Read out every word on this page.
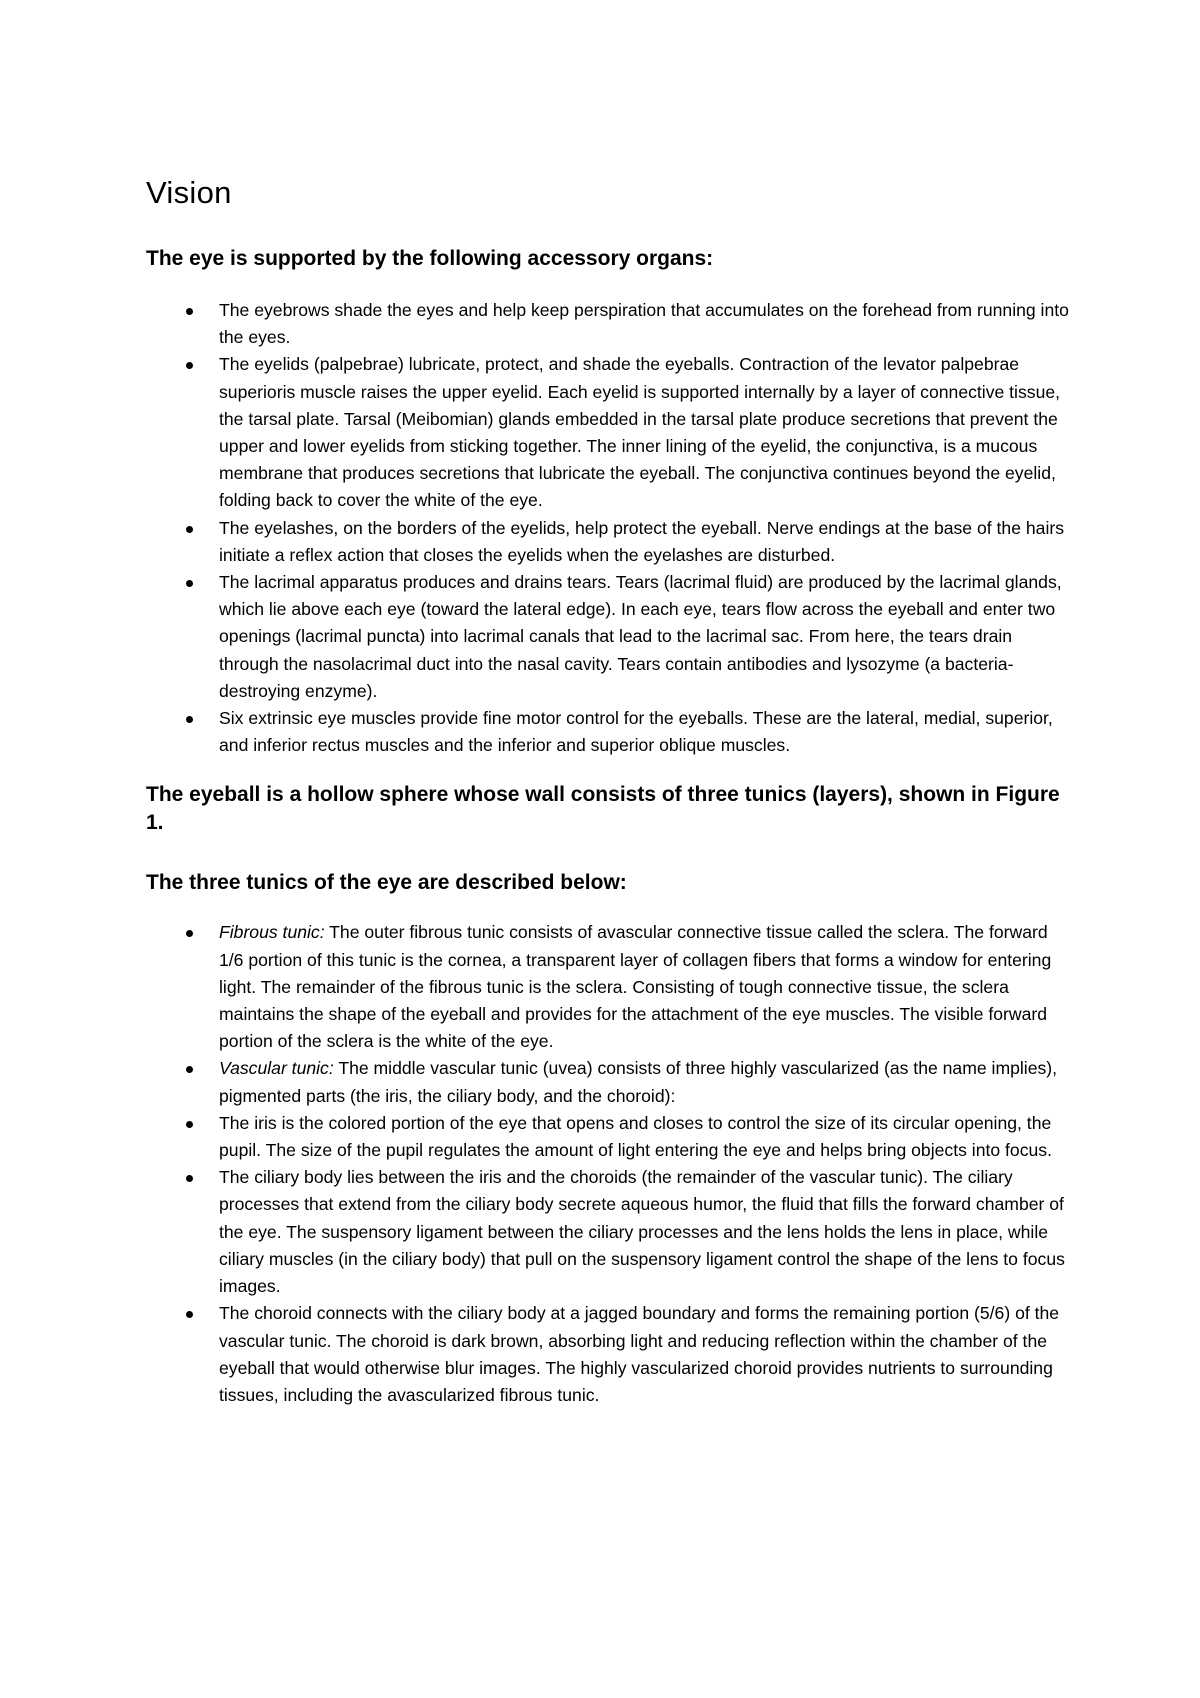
Vision
The eye is supported by the following accessory organs:
The eyebrows shade the eyes and help keep perspiration that accumulates on the forehead from running into the eyes.
The eyelids (palpebrae) lubricate, protect, and shade the eyeballs. Contraction of the levator palpebrae superioris muscle raises the upper eyelid. Each eyelid is supported internally by a layer of connective tissue, the tarsal plate. Tarsal (Meibomian) glands embedded in the tarsal plate produce secretions that prevent the upper and lower eyelids from sticking together. The inner lining of the eyelid, the conjunctiva, is a mucous membrane that produces secretions that lubricate the eyeball. The conjunctiva continues beyond the eyelid, folding back to cover the white of the eye.
The eyelashes, on the borders of the eyelids, help protect the eyeball. Nerve endings at the base of the hairs initiate a reflex action that closes the eyelids when the eyelashes are disturbed.
The lacrimal apparatus produces and drains tears. Tears (lacrimal fluid) are produced by the lacrimal glands, which lie above each eye (toward the lateral edge). In each eye, tears flow across the eyeball and enter two openings (lacrimal puncta) into lacrimal canals that lead to the lacrimal sac. From here, the tears drain through the nasolacrimal duct into the nasal cavity. Tears contain antibodies and lysozyme (a bacteria-destroying enzyme).
Six extrinsic eye muscles provide fine motor control for the eyeballs. These are the lateral, medial, superior, and inferior rectus muscles and the inferior and superior oblique muscles.
The eyeball is a hollow sphere whose wall consists of three tunics (layers), shown in Figure 1.
The three tunics of the eye are described below:
Fibrous tunic: The outer fibrous tunic consists of avascular connective tissue called the sclera. The forward 1/6 portion of this tunic is the cornea, a transparent layer of collagen fibers that forms a window for entering light. The remainder of the fibrous tunic is the sclera. Consisting of tough connective tissue, the sclera maintains the shape of the eyeball and provides for the attachment of the eye muscles. The visible forward portion of the sclera is the white of the eye.
Vascular tunic: The middle vascular tunic (uvea) consists of three highly vascularized (as the name implies), pigmented parts (the iris, the ciliary body, and the choroid):
The iris is the colored portion of the eye that opens and closes to control the size of its circular opening, the pupil. The size of the pupil regulates the amount of light entering the eye and helps bring objects into focus.
The ciliary body lies between the iris and the choroids (the remainder of the vascular tunic). The ciliary processes that extend from the ciliary body secrete aqueous humor, the fluid that fills the forward chamber of the eye. The suspensory ligament between the ciliary processes and the lens holds the lens in place, while ciliary muscles (in the ciliary body) that pull on the suspensory ligament control the shape of the lens to focus images.
The choroid connects with the ciliary body at a jagged boundary and forms the remaining portion (5/6) of the vascular tunic. The choroid is dark brown, absorbing light and reducing reflection within the chamber of the eyeball that would otherwise blur images. The highly vascularized choroid provides nutrients to surrounding tissues, including the avascularized fibrous tunic.
